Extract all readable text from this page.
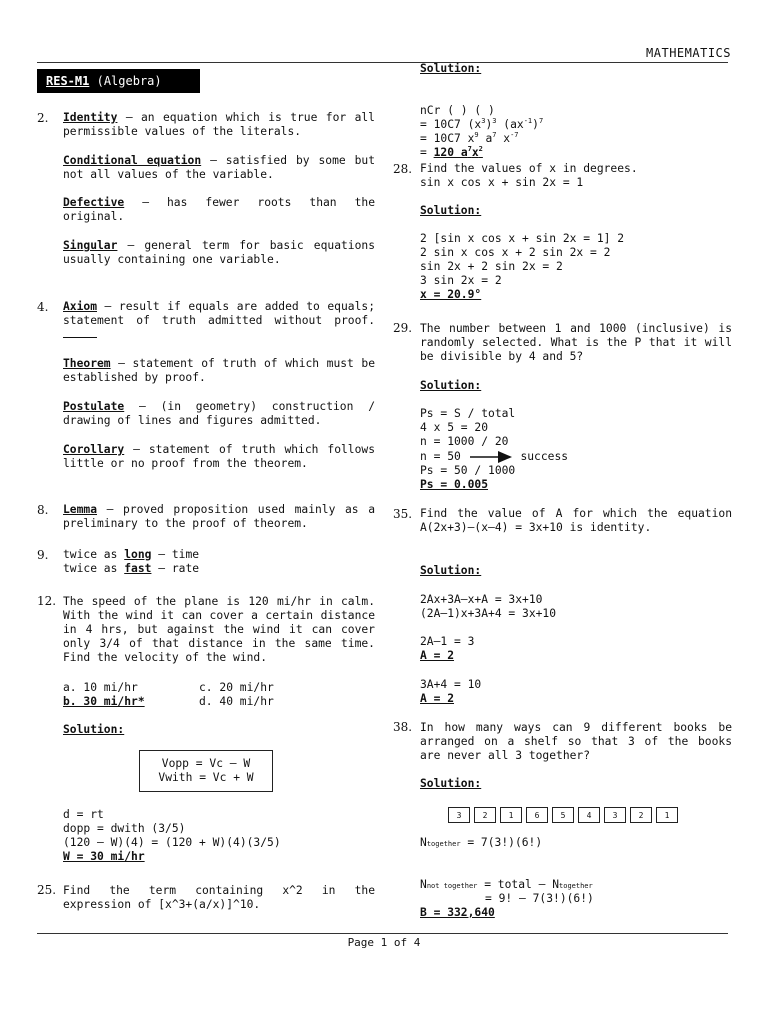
MATHEMATICS
RES-M1 (Algebra)
2. Identity – an equation which is true for all permissible values of the literals.
Conditional equation – satisfied by some but not all values of the variable.
Defective – has fewer roots than the original.
Singular – general term for basic equations usually containing one variable.
4. Axiom – result if equals are added to equals; statement of truth admitted without proof.
Theorem – statement of truth of which must be established by proof.
Postulate – (in geometry) construction / drawing of lines and figures admitted.
Corollary – statement of truth which follows little or no proof from the theorem.
8. Lemma – proved proposition used mainly as a preliminary to the proof of theorem.
9. twice as long – time
twice as fast – rate
12. The speed of the plane is 120 mi/hr in calm. With the wind it can cover a certain distance in 4 hrs, but against the wind it can cover only 3/4 of that distance in the same time. Find the velocity of the wind.
a. 10 mi/hr	c. 20 mi/hr
b. 30 mi/hr*	d. 40 mi/hr
Solution:
Vopp = Vc – W
Vwith = Vc + W
d = rt
dopp = dwith (3/5)
(120 – W)(4) = (120 + W)(4)(3/5)
W = 30 mi/hr
25. Find the term containing x^2 in the expression of [x^3+(a/x)]^10.
Solution:
nCr ( ) ( )
= 10C7 $(x^3)^3$ $(ax^{-1})^7$
= 10C7 $x^9$ $a^7$ $x^{-7}$
= 120 $a^7x^2$
28. Find the values of x in degrees.
sin x cos x + sin 2x = 1
Solution:
2 [sin x cos x + sin 2x = 1] 2
2 sin x cos x + 2 sin 2x = 2
sin 2x + 2 sin 2x = 2
3 sin 2x = 2
x = 20.9°
29. The number between 1 and 1000 (inclusive) is randomly selected. What is the P that it will be divisible by 4 and 5?
Solution:
Ps = S / total
4 x 5 = 20
n = 1000 / 20
n = 50	success
Ps = 50 / 1000
Ps = 0.005
35. Find the value of A for which the equation A(2x+3)–(x–4) = 3x+10 is identity.
Solution:
2Ax+3A–x+A = 3x+10
(2A–1)x+3A+4 = 3x+10
2A–1 = 3
A = 2
3A+4 = 10
A = 2
38. In how many ways can 9 different books be arranged on a shelf so that 3 of the books are never all 3 together?
Solution:
3	2	1	6	5	4	3	2	1
Ntogether = 7(3!)(6!)
Nnot together = total – Ntogether
= 9! – 7(3!)(6!)
B = 332,640
Page 1 of 4
